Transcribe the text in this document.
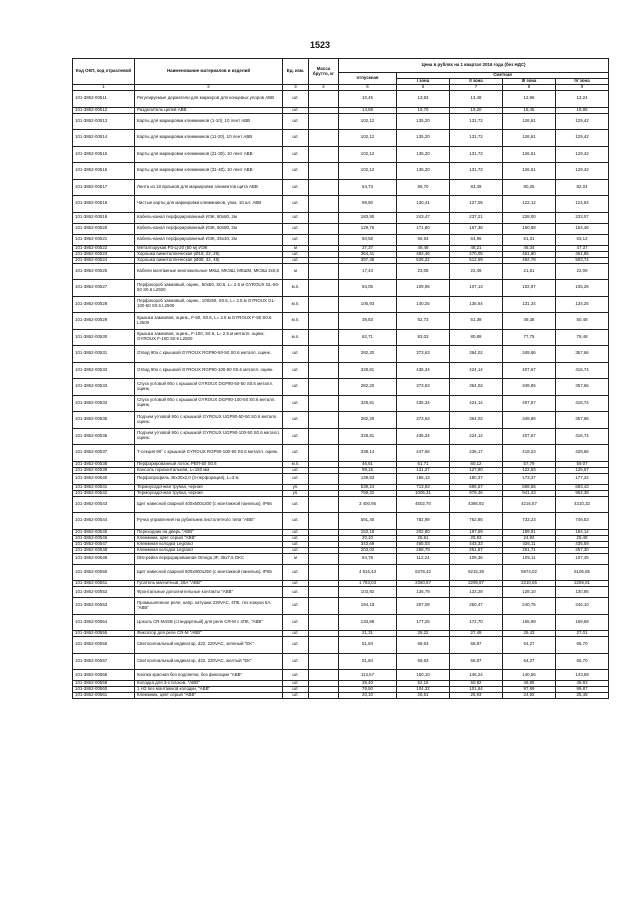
1523
Код ОКП, код отраслевой	Наименование материалов и изделий	Ед. изм.	Масса брутто, кг	Цена в рублях на 1 квартал 2016 года (без НДС)				
				отпускная	Сметная			
					I зона	II зона	III зона	IV зона
1	2	3	4	5	6	7	8	9
101-3862-00511	Регулируемые держатели для маркеров для концевых упоров АВВ	шт.		10,45	13,83	13,48	12,96	13,24
101-3862-00512	Разделитель цепей ABB	шт.		14,88	19,70	19,20	18,45	18,86
101-3862-00513	Карты для маркировки клеммников (1-10), 10 лент ABB	шт.		102,12	135,20	131,72	126,61	129,42
101-3862-00514	Карты для маркировки клеммников (11-20), 10 лент ABB	шт.		102,12	135,20	131,72	126,61	129,42
101-3862-00515	Карты для маркировки клеммников (21-30), 10 лент ABB	шт.		102,12	135,20	131,72	126,61	129,42
101-3862-00516	Карты для маркировки клеммников (31-40), 10 лент ABB	шт.		102,12	135,20	131,72	126,61	129,42
101-3862-00517	Лента из 18 ярлыков для маркировки элементов щита ABB	шт.		64,73	85,70	83,49	80,25	82,04
101-3862-00518	Чистые карты для маркировки клеммников, упак. 10 шт. ABB	шт.		98,50	130,41	127,05	122,12	124,84
101-3862-00519	Кабель-канал перфорированный ИЭК, 80х60, 2м	шт.		183,90	243,47	237,21	228,00	233,07
101-3862-00520	Кабель-канал перфорированный ИЭК, 60х80, 2м	шт.		129,76	171,80	167,38	160,88	164,46
101-3862-00521	Кабель-канал перфорированный ИЭК, 25х40, 2м	шт.		50,58	66,93	64,86	61,31	63,12
101-3862-00522	Металлорукав Р3-Ц-20 (50 м) ИЭК	м		37,37	49,48	48,21	46,34	47,37
101-3862-00523	Хорошка биметаллическая (Ø18, 22, 29)	шт.		364,41	482,46	470,05	451,80	461,85
101-3862-00524	Хорошка биметаллическая (Ø38, 42, 48)	шт.		397,48	526,22	512,69	492,78	503,74
101-3862-00525	Кабели монтажные многожильные МКШ, МКЭШ, МКШМ, МКЭШ 2х0,5	м		17,43	23,08	22,49	21,61	22,09
101-3862-00527	Перфокороб замковый, оцинк., 50х50, S0.6, L= 2.5 м GYROUX GL-50-50 S0.6 L2500	м.п.		83,05	109,96	107,13	102,97	105,26
101-3862-00528	Перфокороб замковый, оцинк., 100х50, S0.6, L= 2.5 м GYROUX GL-100-50 S0.6 L2500	м.п.		105,93	140,25	136,64	131,34	134,25
101-3862-00529	Крышка замковая, оцинк., F-50, S0.6, L= 2.5 м GYROUX F-50 S0.6 L2500	м.п.		39,83	52,73	51,38	49,38	50,48
101-3862-00530	Крышка замковая, оцинк., F-100, S0.6, L= 2.5 м металл. оцинк. GYROUX F-100 S0.6 L2500	м.п.		62,71	83,03	80,89	77,75	79,48
101-3862-00531	Отвод 90о с крышкой GYROUX RGP90-50-50 S0.6 металл. оцинк.	шт.		282,20	373,63	364,02	349,86	357,66
101-3862-00532	Отвод 90о с крышкой GYROUX RGP90-100-50 S0.6 металл. оцинк.	шт.		328,81	435,34	424,14	407,67	416,74
101-3862-00533	Спуск угловой 90о с крышкой GYROUX DGP90-50-50 S0.6 металл. оцинк.	шт.		282,20	373,63	364,02	349,86	357,66
101-3862-00534	Спуск угловой 90о с крышкой GYROUX DGP90-100-50 S0.6 металл. оцинк.	шт.		328,81	435,34	424,14	407,67	416,74
101-3862-00535	Подъем угловой 90о с крышкой GYROUX UGP90-50-50 S0.6 металл. оцинк.	шт.		282,20	373,63	364,02	349,86	357,66
101-3862-00536	Подъем угловой 90о с крышкой GYROUX UGP90-100-50 S0.6 металл. оцинк.	шт.		328,81	435,34	424,14	407,67	416,74
101-3862-00537	Т-секция 90° с крышкой GYROUX RGP90-100-50 S0.6 металл. оцинк.	шт.		338,14	447,68	436,17	419,23	428,56
101-3862-00538	Перфорированный лоток, PBП-50 S0.6	м.п.		46,61	61,71	60,12	57,79	59,07
101-3862-00539	Консоль горизонтальная, L=150 мм	шт.		99,15	131,27	127,90	122,93	125,67
101-3862-00540	Перфопрофиль 45х30х2,0 (3-перфорация), L=3 м	шт.		139,83	185,13	180,37	173,37	177,22
101-3862-00541	Термоусадочная трубка, черная	уп.		539,24	713,93	695,57	668,56	683,43
101-3862-00542	Термоусадочная трубка, черная	уп.		759,32	1005,31	979,46	941,43	962,38
101-3862-00543	Щит навесной сварной 400х600х200 (с монтажной панелью), IP66	шт.		3 400,95	4502,70	4386,92	4216,57	4310,32
101-3862-00544	Ручка управления на рубильник пистолетного типа "ABB"	шт.		591,40	782,99	762,85	733,23	749,53
101-3862-00545	Переходник на дверь "ABB"	шт.		153,18	202,80	197,59	189,91	194,14
101-3862-00546	Клеммник, цвет серый "ABB"	шт.		20,10	26,61	25,93	24,92	25,48
101-3862-00547	Клеммная колодка Legrand	шт.		343,69	455,03	443,33	426,11	435,59
101-3862-00548	Клеммная колодка Legrand	шт.		203,02	268,79	261,87	251,71	257,30
101-3862-00549	DIN-рейка перфорированная Omega 3F, 35х7,5 DKC	м		84,78	112,24	109,36	105,11	107,45
101-3862-00550	Щит навесной сварной 600х800х250 (с монтажной панелью), IP65	шт.		4 816,43	6379,42	6215,38	5974,02	6106,85
101-3862-00551	Гусатель магнитный, 26А "ABB"	шт.		1 783,03	2360,67	2299,97	2210,65	2259,81
101-3862-00552	Фронтальные дополнительные контакты "ABB"	шт.		103,92	136,79	133,28	128,10	130,95
101-3862-00553	Промышленное реле, напр. катушки 230VAC, 4ПК, тех кожухи 5А, "ABB"	шт.		194,18	257,08	250,47	240,75	246,10
101-3862-00554	Цоколь CR-M4SB (стандартный) для реле CR-M с 4ПК, "ABB"	шт.		133,88	177,25	172,70	165,99	169,68
101-3862-00555	Фиксатор для реле CR-M "ABB"	шт.		21,31	28,22	27,49	26,43	27,01
101-3862-00556	Светосигнальный индикатор, d22, 220VAC, зеленый "EK"	шт.		51,84	68,63	66,87	64,27	65,70
101-3862-00557	Светосигнальный индикатор, d22, 220VAC, желтый "EK"	шт.		51,84	68,63	66,87	64,27	65,70
101-3862-00558	Кнопка красная без подсветки, без фиксации "ABB"	шт.		113,57	150,10	146,24	140,56	143,69
101-3862-00559	Колодка для 3-х блоков, "ABB"	шт.		39,40	52,16	50,82	48,85	49,93
101-3862-00560	1 НЗ без монтажной колодки, "ABB"	шт.		78,50	104,32	101,64	97,69	99,87
101-3862-00561	Клеммник, цвет серый "ABB"	шт.		20,10	26,61	25,93	24,92	25,48
